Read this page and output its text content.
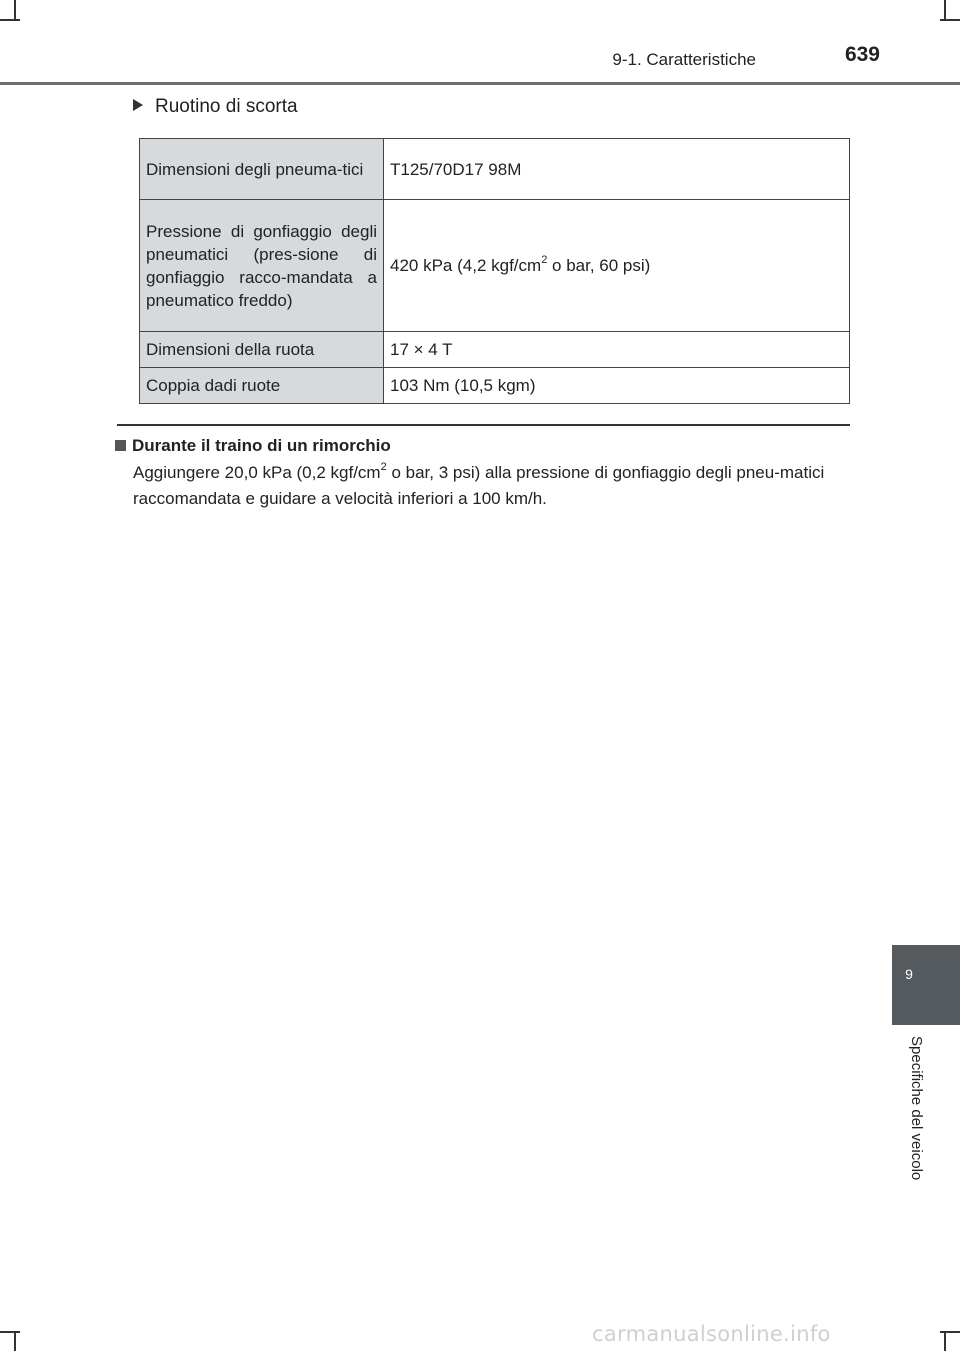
9-1. Caratteristiche	639
Ruotino di scorta
Dimensioni degli pneuma-tici	T125/70D17 98M
Pressione di gonfiaggio degli pneumatici (pres-sione di gonfiaggio racco-mandata a pneumatico freddo)	420 kPa (4,2 kgf/$cm^2$ o bar, 60 psi)
Dimensioni della ruota	17 × 4 T
Coppia dadi ruote	103 Nm (10,5 kgm)

Durante il traino di un rimorchio

Aggiungere 20,0 kPa (0,2 kgf/$cm^2$ o bar, 3 psi) alla pressione di gonfiaggio degli pneu-matici raccomandata e guidare a velocità inferiori a 100 km/h.

9
Specifiche del veicolo
carmanualsonline.info
